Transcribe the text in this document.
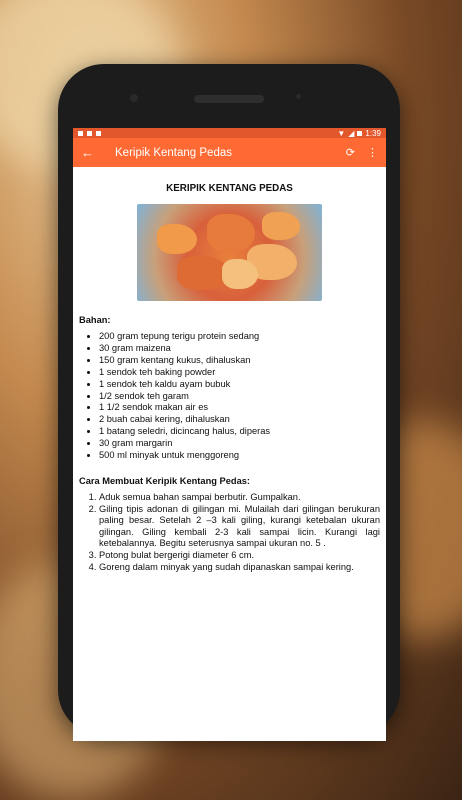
▼ ◢ 1:39
←	Keripik Kentang Pedas	⟳ ⋮
KERIPIK KENTANG PEDAS
Bahan:
• 200 gram tepung terigu protein sedang
• 30 gram maizena
• 150 gram kentang kukus, dihaluskan
• 1 sendok teh baking powder
• 1 sendok teh kaldu ayam bubuk
• 1/2 sendok teh garam
• 1 1/2 sendok makan air es
• 2 buah cabai kering, dihaluskan
• 1 batang seledri, dicincang halus, diperas
• 30 gram margarin
• 500 ml minyak untuk menggoreng
Cara Membuat Keripik Kentang Pedas:
1. Aduk semua bahan sampai berbutir. Gumpalkan.
2. Giling tipis adonan di gilingan mi. Mulailah dari gilingan berukuran paling besar. Setelah 2 –3 kali giling, kurangi ketebalan ukuran gilingan. Giling kembali 2-3 kali sampai licin. Kurangi lagi ketebalannya. Begitu seterusnya sampai ukuran no. 5 .
3. Potong bulat bergerigi diameter 6 cm.
4. Goreng dalam minyak yang sudah dipanaskan sampai kering.
